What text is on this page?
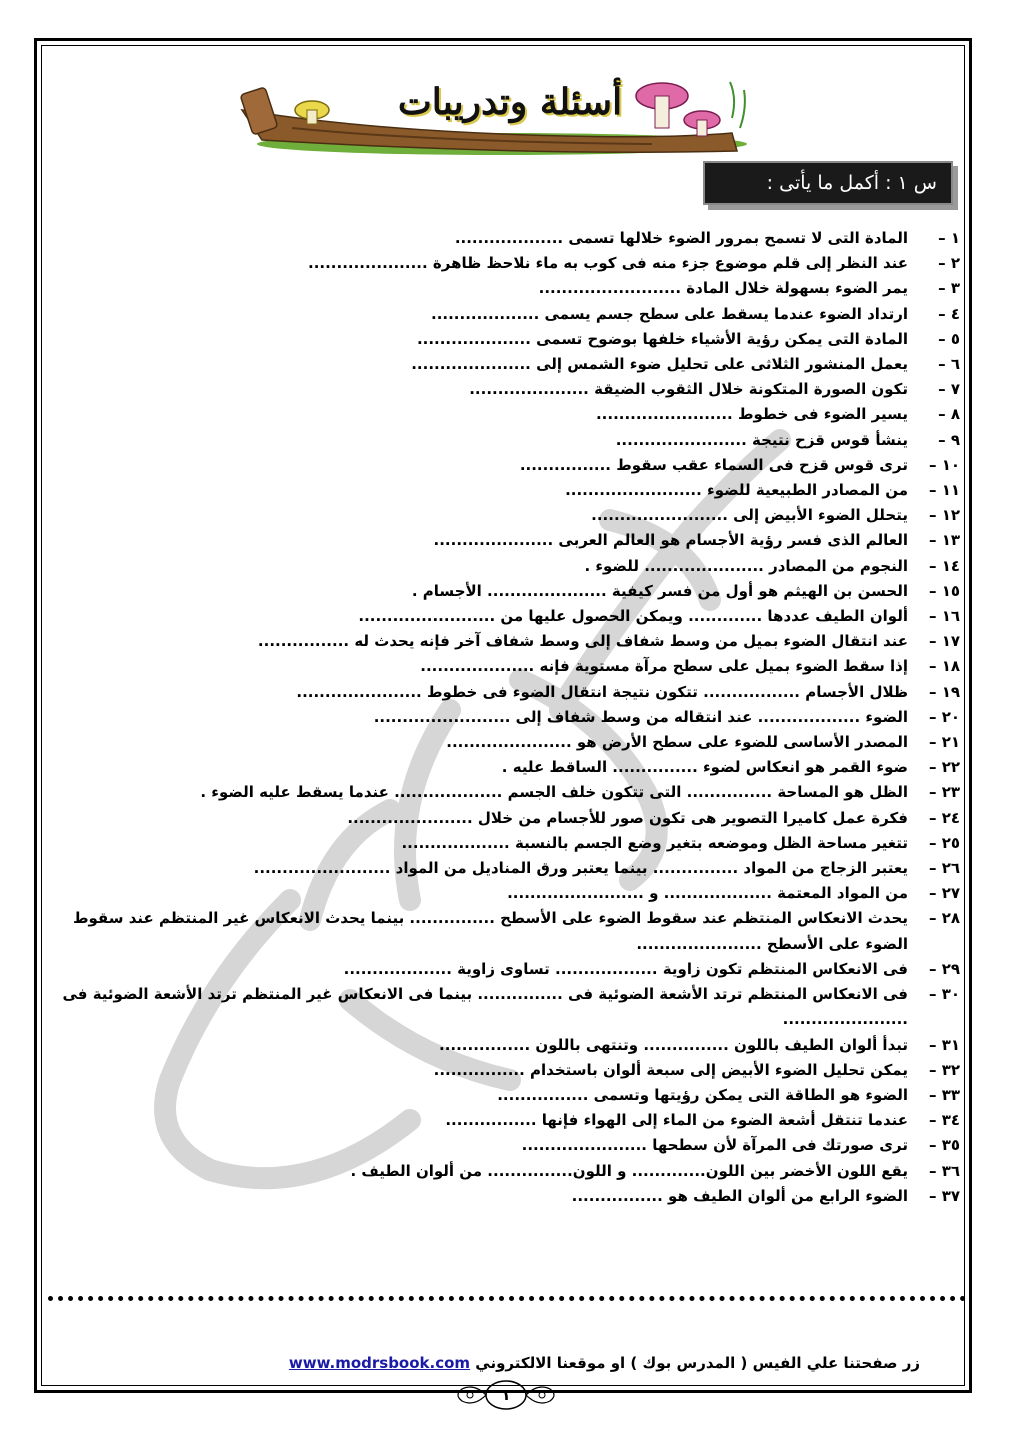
أسئلة وتدريبات
س ١ : أكمل ما يأتى :
١ –
المادة التى لا تسمح بمرور الضوء خلالها تسمى ...................
٢ –
عند النظر إلى قلم موضوع جزء منه فى كوب به ماء نلاحظ ظاهرة .....................
٣ –
يمر الضوء بسهولة خلال المادة .........................
٤ –
ارتداد الضوء عندما يسقط على سطح جسم يسمى ...................
٥ –
المادة التى يمكن رؤية الأشياء خلفها بوضوح تسمى ....................
٦ –
يعمل المنشور الثلاثى على تحليل ضوء الشمس إلى .....................
٧ –
تكون الصورة المتكونة خلال الثقوب الضيقة .....................
٨ –
يسير الضوء فى خطوط ........................
٩ –
ينشأ قوس قزح نتيجة .......................
١٠ –
ترى قوس قزح فى السماء عقب سقوط ................
١١ –
من المصادر الطبيعية للضوء ........................
١٢ –
يتحلل الضوء الأبيض إلى ........................
١٣ –
العالم الذى فسر رؤية الأجسام هو العالم العربى .....................
١٤ –
النجوم من المصادر ..................... للضوء .
١٥ –
الحسن بن الهيثم هو أول من فسر كيفية ..................... الأجسام .
١٦ –
ألوان الطيف عددها ............. ويمكن الحصول عليها من ........................
١٧ –
عند انتقال الضوء بميل من وسط شفاف إلى وسط شفاف آخر فإنه يحدث له ................
١٨ –
إذا سقط الضوء بميل على سطح مرآة مستوية فإنه ....................
١٩ –
ظلال الأجسام ................. تتكون نتيجة انتقال الضوء فى خطوط ......................
٢٠ –
الضوء .................. عند انتقاله من وسط شفاف إلى ........................
٢١ –
المصدر الأساسى للضوء على سطح الأرض هو ......................
٢٢ –
ضوء القمر هو انعكاس لضوء ............... الساقط عليه .
٢٣ –
الظل هو المساحة ............... التى تتكون خلف الجسم ................... عندما يسقط عليه الضوء .
٢٤ –
فكرة عمل كاميرا التصوير هى تكون صور للأجسام من خلال ......................
٢٥ –
تتغير مساحة الظل وموضعه بتغير وضع الجسم بالنسبة ...................
٢٦ –
يعتبر الزجاج من المواد ............... بينما يعتبر ورق المناديل من المواد ........................
٢٧ –
من المواد المعتمة ................... و ........................
٢٨ –
يحدث الانعكاس المنتظم عند سقوط الضوء على الأسطح ............... بينما يحدث الانعكاس غير المنتظم عند سقوط الضوء على الأسطح ......................
٢٩ –
فى الانعكاس المنتظم تكون زاوية .................. تساوى زاوية ...................
٣٠ –
فى الانعكاس المنتظم ترتد الأشعة الضوئية فى ............... بينما فى الانعكاس غير المنتظم ترتد الأشعة الضوئية فى ......................
٣١ –
تبدأ ألوان الطيف باللون ............... وتنتهى باللون ................
٣٢ –
يمكن تحليل الضوء الأبيض إلى سبعة ألوان باستخدام ................
٣٣ –
الضوء هو الطاقة التى يمكن رؤيتها وتسمى ................
٣٤ –
عندما تنتقل أشعة الضوء من الماء إلى الهواء فإنها ................
٣٥ –
ترى صورتك فى المرآة لأن سطحها ......................
٣٦ –
يقع اللون الأخضر بين اللون............. و اللون............... من ألوان الطيف .
٣٧ –
الضوء الرابع من ألوان الطيف هو ................
زر صفحتنا علي الفيس ( المدرس بوك ) او موقعنا الالكتروني www.modrsbook.com
١
